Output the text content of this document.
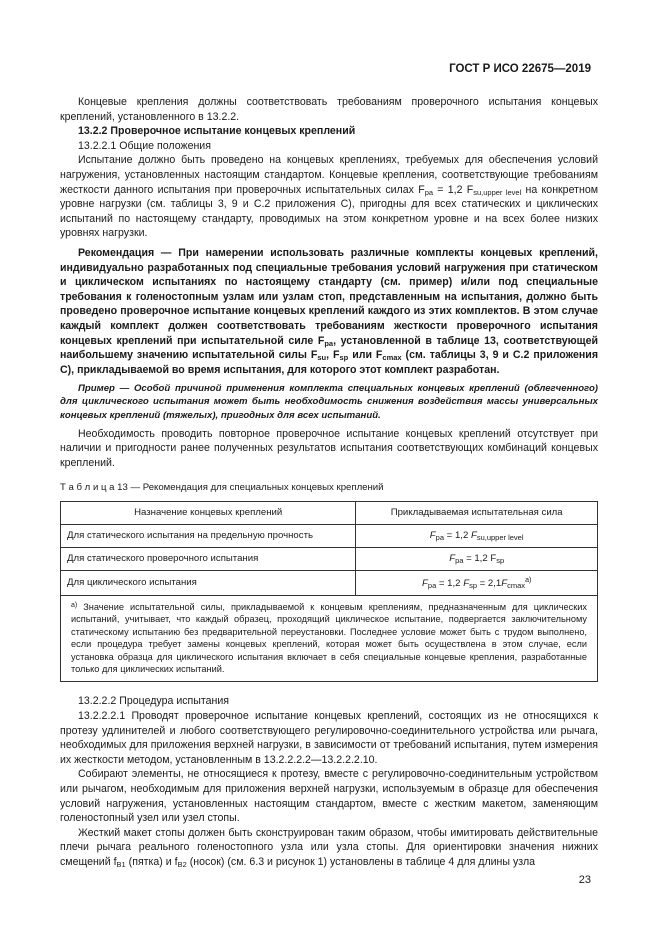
ГОСТ Р ИСО 22675—2019

Концевые крепления должны соответствовать требованиям проверочного испытания концевых креплений, установленного в 13.2.2.

13.2.2 Проверочное испытание концевых креплений

13.2.2.1 Общие положения

Испытание должно быть проведено на концевых креплениях, требуемых для обеспечения условий нагружения, установленных настоящим стандартом. Концевые крепления, соответствующие требованиям жесткости данного испытания при проверочных испытательных силах $F_{pa} = 1,2$ $F_{su,upper level}$ на конкретном уровне нагрузки (см. таблицы 3, 9 и С.2 приложения С), пригодны для всех статических и циклических испытаний по настоящему стандарту, проводимых на этом конкретном уровне и на всех более низких уровнях нагрузки.

Рекомендация — При намерении использовать различные комплекты концевых креплений, индивидуально разработанных под специальные требования условий нагружения при статическом и циклическом испытаниях по настоящему стандарту (см. пример) и/или под специальные требования к голеностопным узлам или узлам стоп, представленным на испытания, должно быть проведено проверочное испытание концевых креплений каждого из этих комплектов. В этом случае каждый комплект должен соответствовать требованиям жесткости проверочного испытания концевых креплений при испытательной силе $F_{pa}$, установленной в таблице 13, соответствующей наибольшему значению испытательной силы $F_{su}$, $F_{sp}$ или $F_{cmax}$ (см. таблицы 3, 9 и С.2 приложения С), прикладываемой во время испытания, для которого этот комплект разработан.

Пример — Особой причиной применения комплекта специальных концевых креплений (облегченного) для циклического испытания может быть необходимость снижения воздействия массы универсальных концевых креплений (тяжелых), пригодных для всех испытаний.

Необходимость проводить повторное проверочное испытание концевых креплений отсутствует при наличии и пригодности ранее полученных результатов испытания соответствующих комбинаций концевых креплений.

Т а б л и ц а 13 — Рекомендация для специальных концевых креплений

Назначение концевых креплений	Прикладываемая испытательная сила
Для статического испытания на предельную прочность	$F_{pa} = 1,2$ $F_{su,upper level}$
Для статического проверочного испытания	$F_{pa} = 1,2$ $F_{sp}$
Для циклического испытания	$F_{pa} = 1,2$ $F_{sp} = 2,1F_{cmax}^{a)}$
$^{a)}$ Значение испытательной силы, прикладываемой к концевым креплениям, предназначенным для циклических испытаний, учитывает, что каждый образец, проходящий циклическое испытание, подвергается заключительному статическому испытанию без предварительной переустановки. Последнее условие может быть с трудом выполнено, если процедура требует замены концевых креплений, которая может быть осуществлена в этом случае, если установка образца для циклического испытания включает в себя специальные концевые крепления, разработанные только для циклических испытаний.	

13.2.2.2 Процедура испытания

13.2.2.2.1 Проводят проверочное испытание концевых креплений, состоящих из не относящихся к протезу удлинителей и любого соответствующего регулировочно-соединительного устройства или рычага, необходимых для приложения верхней нагрузки, в зависимости от требований испытания, путем измерения их жесткости методом, установленным в 13.2.2.2.2—13.2.2.2.10.

Собирают элементы, не относящиеся к протезу, вместе с регулировочно-соединительным устройством или рычагом, необходимым для приложения верхней нагрузки, используемым в образце для обеспечения условий нагружения, установленных настоящим стандартом, вместе с жестким макетом, заменяющим голеностопный узел или узел стопы.

Жесткий макет стопы должен быть сконструирован таким образом, чтобы имитировать действительные плечи рычага реального голеностопного узла или узла стопы. Для ориентировки значения нижних смещений $f_{B1}$ (пятка) и $f_{B2}$ (носок) (см. 6.3 и рисунок 1) установлены в таблице 4 для длины узла

23
